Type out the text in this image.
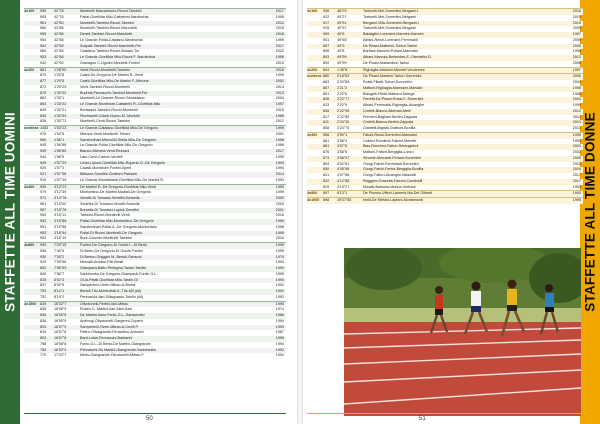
STAFFETTE ALL TIME UOMINI
4x100	999	42"78	Montirelli Marcantonio-Riconi-Tambini	2017
905	42"78	Pallai-Giorfiilda Milo-Cattabrini-Nardinchia	1995
961	42"80	Montirelli-Tambini-Riconi-Tambini	2012
960	42"88	Montirelli-Tambini-Riconi-Marchetti	2016
955	42"88	Dimeli-Tambini-Riconi-Marchetti	2018
954	42"88	Le Grande-Pollai-Catalano-Nardinchia	1999
952	42"89	Scapati-Tambini-Riconi-Marchetti-Fer	2017
960	42"88	Catalano-Tambini-Riconi-Buriani-Tor	2022
953	42"88	Le Grande-Giorfiilda Milo-Riconi F.-Nardinchia	1996
942	42"90	Gravagno C-Ugolini-Mezzetti-Fontini	2010
4x200	881	1'28"90	Venti-Riconi-Montirelli-Tambini	2016
879	1'29"8	Catini-De Gregorio-De Martini R.-Venti	1999
877	1'29"5	Catini-Giorfiilda Milo-De Martini F.-Mirrone	2002
872	1'29"29	Venti-Tambini-Riconi-Montirelli	2014
870	1'30"02	Budrioli-Pennacchi-Tambini-Montirelli-Fer	2013
862	1'30"1	Montirelli-Le Grande-Riconi-Sebastiano	2004
854	1'30"22	Le Grande-Montelore-Cattabrini R.-Giorfiilda Milo	1997
849	1'30"21	Bertazzini-Tambini-Riconi-Montirelli	2015
845	1'30"54	Pinchiarelli-Giardi-Nuzzo-M.-Montelli	1985
836	1'30"72	Montirelli-Centi-Riconi-Tambini	2012
svedese 1083	1'53"23	Le Grande-Catalano-Giorfiilda Milo-De Gregorio	1999
976	1'54"5	Mirrone-Venti-Montirelli-Tirrieni	2001
960	1'56"1	Sambrolinari-Mercolini-Stella Milo-De Gregorio	1998
945	1'56"88	Le Grande-Pollai-Giorfiilda Milo-De Gregorio	1996
939	1'56"60	Bianco-Michela-Venti-Rezzani	2017
944	1'56"9	Lato-Cervi-Carloni-Venetti	1995
929	1'57"29	Lindo-Lipioni-Giorfiilda Milo-Ruperto G.-De Gregorio	1993
920	1'57"2	Cavalli-Montelore-Fontini-Ilperti	1994
921	1'57"38	Bittazzo-Sorollini-Cirattoni-Paesani	2014
910	1'57"49	Le Grande-Montalbanti-Giorfiilda Milo-De Martini R.	1994
4x400	995	3'12"23	De Martini R.-De Gregorio-Giorfiilda Milo-Venti	1999
979	3'12"39	Montorfano-De Martini-Madiali-De Gregorio	1999
971	3'14"78	Venetti-Di Tomassi-Senefini-Borsella	2002
961	3'15"00	Senefini-Di Tomassi-Venetti-Borsella	2003
957	3'15"78	Borsella-Di Tomassi-Lupioli-Senefini	2001
950	3'15"11	Tambini-Riconi-Montirelli-Venti	2016
953	3'15"88	Pollai-Giorfiilda Milo-Montorfano-De Gregorio	1999
951	3'15"98	Sambrolinari-Pollai-A.-De Gregorio-Montorfano	1998
953	3'15"94	Pollai-Di Riconi-Montirelli-De Gregorio	1995
952	3'15"10	Boni-Colombi-Montirelli-Tambini	2016
4x800	999	7'29"15	Fontini-De Gregorio-Di Gurde L.-Di Berto	1999
938	7'40"5	Di Berto-De Gregorio-Di Gurde-Fontini	1995
930	7'30"2	Di Berton-Ghiggini M.-Bertoli-Sansoni	1979
929	7'39"96	Mercalli-Antolini-Fitti-Mesti	1993
852	7'56"99	Giampaoli-Baffo-Pellegrini-Tardin-Tardini	1990
840	7'56"7	Sarbinnobo-De Gregorio-Giampaoli-Fontin G.L.	1995
835	8'02"3	Ol-la-Pelati-Giorfiilda Milo-Tardin-Gi	1993
837	8'02"9	Sampertoni-Gerle-Mitrao-A-Borba	1992
793	8'14"1	Bertoli-Tito-Montrolfati-IL-Tito-Mil (All)	1992
752	8'19"2	Pennacchi-Ilari-Sillaguardo-Tolello (All)	1993
4x1500 839	16'32"7	Olivotonelli-Pertini-Ilari-Mitrao	1995
838	16'38"9	Ruben-D.-Martini-Ilari-Mari-Savi	1974
836	16'55"5	De Martini-Ilario-Ferilo-G.L.-Sansonotto	1986
838	16'55"9	Ambrogi-Olivotonelli-Gargenni-Cupertr	1994
833	16'57"9	Sampertoni-Gerle-Mitrao-A-Cecili P.	1993
819	16'57"8	Pettro-Olivagrande-Ferrantino-Antonini	1987
803	16'57"8	Barti-Lolari-Pennacchi-Barbarini	1995
798	16'58"8	Fonto G.L.-Di Berto-De Martini-Giangrande	1994
783	16'53"3	Pennacchi-De Martini-Giangrande-Santoniotta	1992
770	17'03"7	Minto-Giangrande-Olivotonelli-Mitrao-F.	1994
50
STAFFETTE ALL TIME DONNE
4x100	936	48"03	Tortorelli-Mei-Sorrentini-Bergami-I	2016
922	49"27	Tortorelli-Mei-Sorrentini-Bergami	2015
917	49"51	Bergami-Villa-Sorrentini-Bergami-I	2015
915	49"57	Tortorelli-Mei-Sorrentini-Bergami	2009
909	49"6	Baldaglini-Lorenzini-Mannini-Mannini	1997
901	49"65	Albani-Renzi-Lorenzini-Ferrimaldi	2009
897	49"9	De Pisani-Mattorini-Tortori-Tartori	2000
896	49"8	Bartlani-Mannini-Pullani-Mannaini	1998
893	49"99	Albani-Mannini-Berlendes-E.-Oterdelini-D.	2013
892	49"99	De Pisani-Matlandice-Tartori	2006
4x200	834	1'45"8	Righaglia-Matorini-Menetti-Vendersini	1997
svedese 880	2'18"62	De Pisani-Mastrini-Tartori-Sorrentini	2006
863	2'20"89	Rossi-Filletti-Tortori-Sorrentini	2004
857	2'21"2	Mattoni-Righaglia-Mannaini-Mandari	1995
851	2'22"6	Bologelli-Filetti-Mattorni-Delega	1998
836	2'22"77	Ferretti-De Pisani-Rossi-F.-Sorrentini	2003
833	2'22"9	Albani-Ferrimaldi-Righaglia-Alcanghe	1990
808	2'22"98	Crofelli-Bianco-Alberani-Merli	2012
817	2'22"85	Fermeni-Bagliani-Bertini-Zappala	2014
811	2'24"30	Crofelli-Bianco-Bertini-Zappala	2013
808	2'24"70	Giantelli-Bignali-Graboni-Bonilla	2013
4x400	956	3'50"1	Fatoni-Rossi-Sorrentini-Mannaini	1995
881	3'56"4	Caldori-Romifoni-Fabrini-Menetti	1993
881	3'57"6	Blas-Ronchini-Fattori-Serangeloni	2003
876	3'58"5	Mattoni-Fattori-Bergiglia-Lonzo	2002
873	3'58"97	Struche-Morraioli-Fersari-Sorrentini	2005
854	4'02"61	Giorgi-Falchi-Ferrimaldi-Sorrentini	2015
850	4'05"98	Giorgi-Falchi-Fertini-Bergiglia-Bonilla	2018
841	4'07"68	Giorgi-Fattori-Alcanghe-Mascotti	2017
832	4'12"68	Raggioni-Grazelia-Falconi-Cardinelli	2017
829	4'15"27	Micalis-Barlonia-Monna-Vertrani	1993
4x800	897	9'13"1	De Pinnelo-Vittori-Laurenti-Ma-Del Gilberti	1993
4x1500 898	19'37"80	Inelli-De Stefani-Lapfoni-Montamonti	1995
51
